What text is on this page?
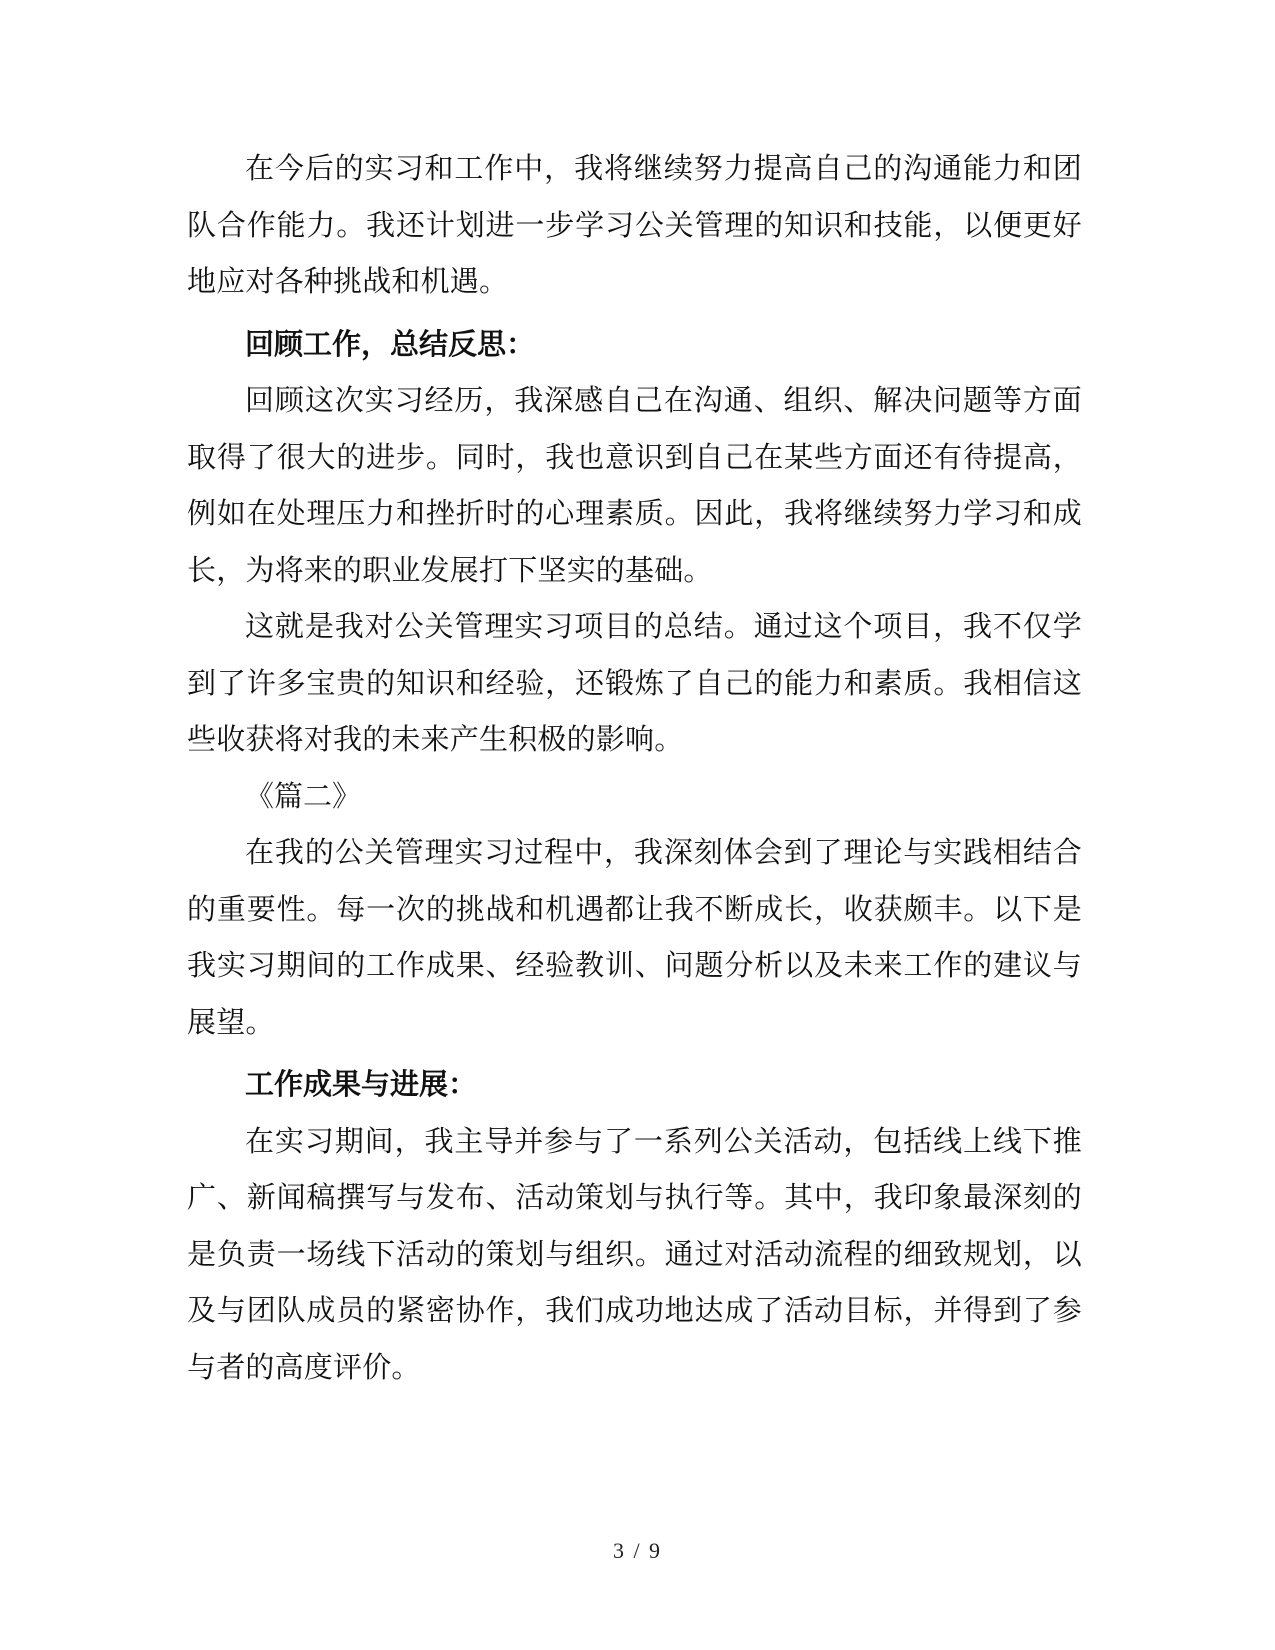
在今后的实习和工作中，我将继续努力提高自己的沟通能力和团队合作能力。我还计划进一步学习公关管理的知识和技能，以便更好地应对各种挑战和机遇。

回顾工作，总结反思：

回顾这次实习经历，我深感自己在沟通、组织、解决问题等方面取得了很大的进步。同时，我也意识到自己在某些方面还有待提高，例如在处理压力和挫折时的心理素质。因此，我将继续努力学习和成长，为将来的职业发展打下坚实的基础。

这就是我对公关管理实习项目的总结。通过这个项目，我不仅学到了许多宝贵的知识和经验，还锻炼了自己的能力和素质。我相信这些收获将对我的未来产生积极的影响。

《篇二》

在我的公关管理实习过程中，我深刻体会到了理论与实践相结合的重要性。每一次的挑战和机遇都让我不断成长，收获颇丰。以下是我实习期间的工作成果、经验教训、问题分析以及未来工作的建议与展望。

工作成果与进展：

在实习期间，我主导并参与了一系列公关活动，包括线上线下推广、新闻稿撰写与发布、活动策划与执行等。其中，我印象最深刻的是负责一场线下活动的策划与组织。通过对活动流程的细致规划，以及与团队成员的紧密协作，我们成功地达成了活动目标，并得到了参与者的高度评价。

3 / 9
